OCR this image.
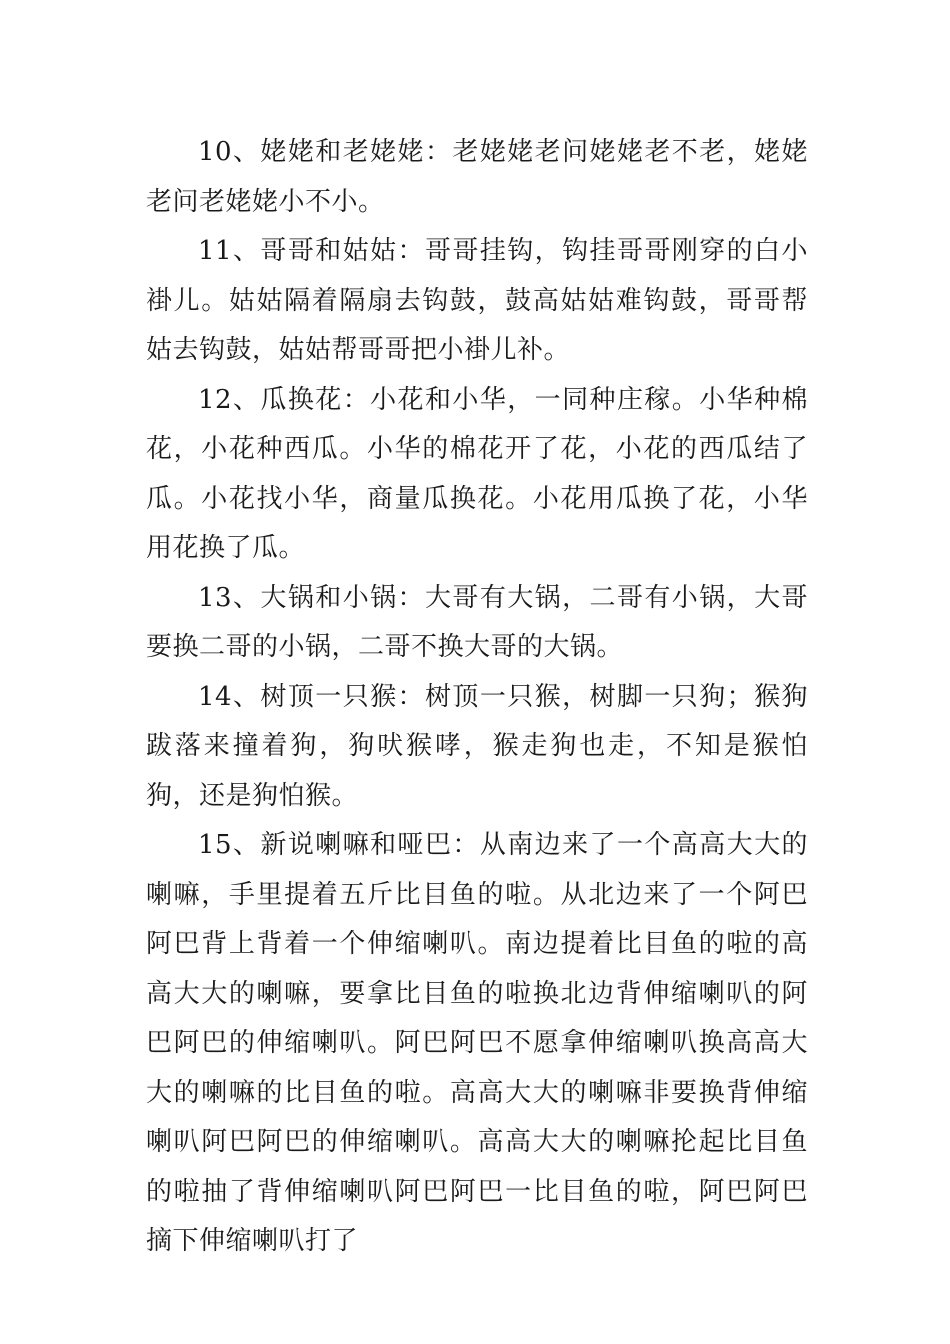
10、姥姥和老姥姥：老姥姥老问姥姥老不老，姥姥老问老姥姥小不小。

11、哥哥和姑姑：哥哥挂钩，钩挂哥哥刚穿的白小褂儿。姑姑隔着隔扇去钩鼓，鼓高姑姑难钩鼓，哥哥帮姑去钩鼓，姑姑帮哥哥把小褂儿补。

12、瓜换花：小花和小华，一同种庄稼。小华种棉花，小花种西瓜。小华的棉花开了花，小花的西瓜结了瓜。小花找小华，商量瓜换花。小花用瓜换了花，小华用花换了瓜。

13、大锅和小锅：大哥有大锅，二哥有小锅，大哥要换二哥的小锅，二哥不换大哥的大锅。

14、树顶一只猴：树顶一只猴，树脚一只狗；猴狗跋落来撞着狗，狗吠猴哮，猴走狗也走，不知是猴怕狗，还是狗怕猴。

15、新说喇嘛和哑巴：从南边来了一个高高大大的喇嘛，手里提着五斤比目鱼的啦。从北边来了一个阿巴阿巴背上背着一个伸缩喇叭。南边提着比目鱼的啦的高高大大的喇嘛，要拿比目鱼的啦换北边背伸缩喇叭的阿巴阿巴的伸缩喇叭。阿巴阿巴不愿拿伸缩喇叭换高高大大的喇嘛的比目鱼的啦。高高大大的喇嘛非要换背伸缩喇叭阿巴阿巴的伸缩喇叭。高高大大的喇嘛抡起比目鱼的啦抽了背伸缩喇叭阿巴阿巴一比目鱼的啦，阿巴阿巴摘下伸缩喇叭打了
